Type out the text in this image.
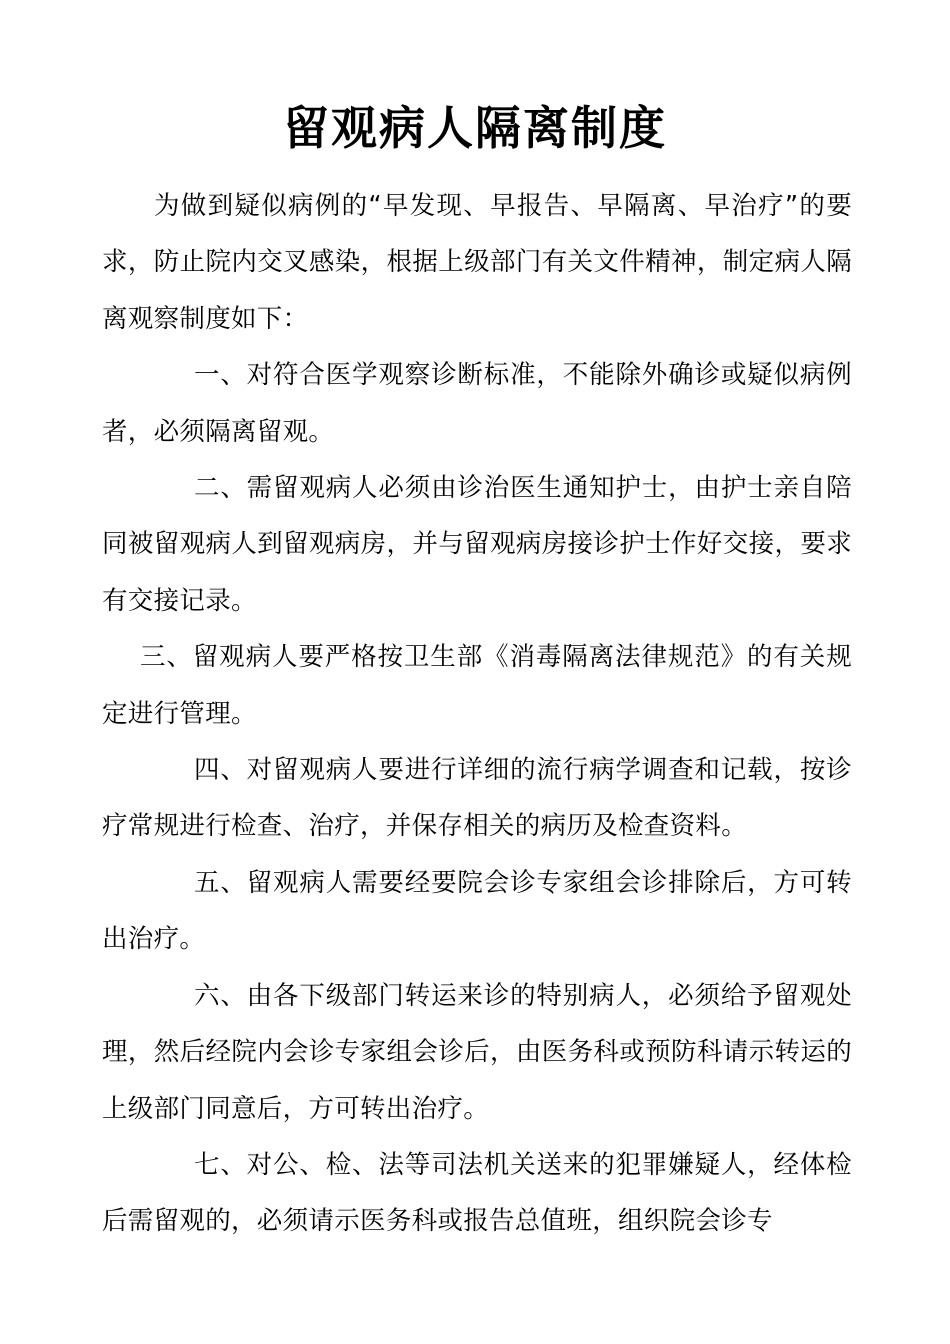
留观病人隔离制度

为做到疑似病例的“早发现、早报告、早隔离、早治疗”的要求，防止院内交叉感染，根据上级部门有关文件精神，制定病人隔离观察制度如下：

一、对符合医学观察诊断标准，不能除外确诊或疑似病例者，必须隔离留观。

二、需留观病人必须由诊治医生通知护士，由护士亲自陪同被留观病人到留观病房，并与留观病房接诊护士作好交接，要求有交接记录。

三、留观病人要严格按卫生部《消毒隔离法律规范》的有关规定进行管理。

四、对留观病人要进行详细的流行病学调查和记载，按诊疗常规进行检查、治疗，并保存相关的病历及检查资料。

五、留观病人需要经要院会诊专家组会诊排除后，方可转出治疗。

六、由各下级部门转运来诊的特别病人，必须给予留观处理，然后经院内会诊专家组会诊后，由医务科或预防科请示转运的上级部门同意后，方可转出治疗。

七、对公、检、法等司法机关送来的犯罪嫌疑人，经体检后需留观的，必须请示医务科或报告总值班，组织院会诊专
